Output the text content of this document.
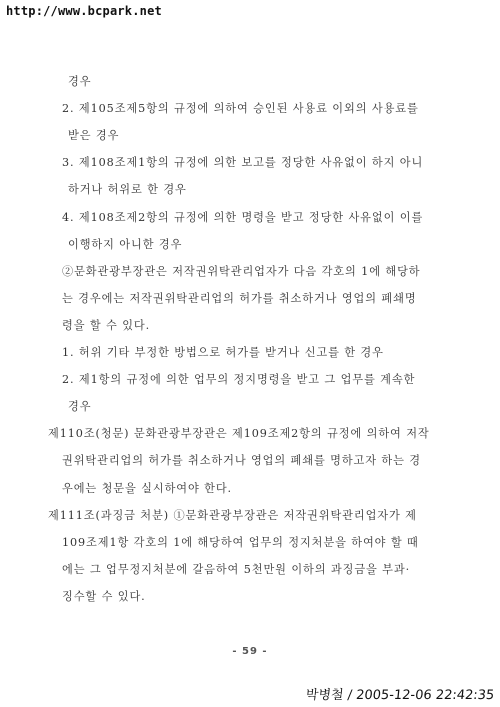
http://www.bcpark.net
경우
2. 제105조제5항의 규정에 의하여 승인된 사용료 이외의 사용료를
받은 경우
3. 제108조제1항의 규정에 의한 보고를 정당한 사유없이 하지 아니
하거나 허위로 한 경우
4. 제108조제2항의 규정에 의한 명령을 받고 정당한 사유없이 이를
이행하지 아니한 경우
②문화관광부장관은 저작권위탁관리업자가 다음 각호의 1에 해당하
는 경우에는 저작권위탁관리업의 허가를 취소하거나 영업의 폐쇄명
령을 할 수 있다.
1. 허위 기타 부정한 방법으로 허가를 받거나 신고를 한 경우
2. 제1항의 규정에 의한 업무의 정지명령을 받고 그 업무를 계속한
경우
제110조(청문) 문화관광부장관은 제109조제2항의 규정에 의하여 저작
권위탁관리업의 허가를 취소하거나 영업의 폐쇄를 명하고자 하는 경
우에는 청문을 실시하여야 한다.
제111조(과징금 처분) ①문화관광부장관은 저작권위탁관리업자가 제
109조제1항 각호의 1에 해당하여 업무의 정지처분을 하여야 할 때
에는 그 업무정지처분에 갈음하여 5천만원 이하의 과징금을 부과·
징수할 수 있다.
- 59 -
박병철 / 2005-12-06 22:42:35
